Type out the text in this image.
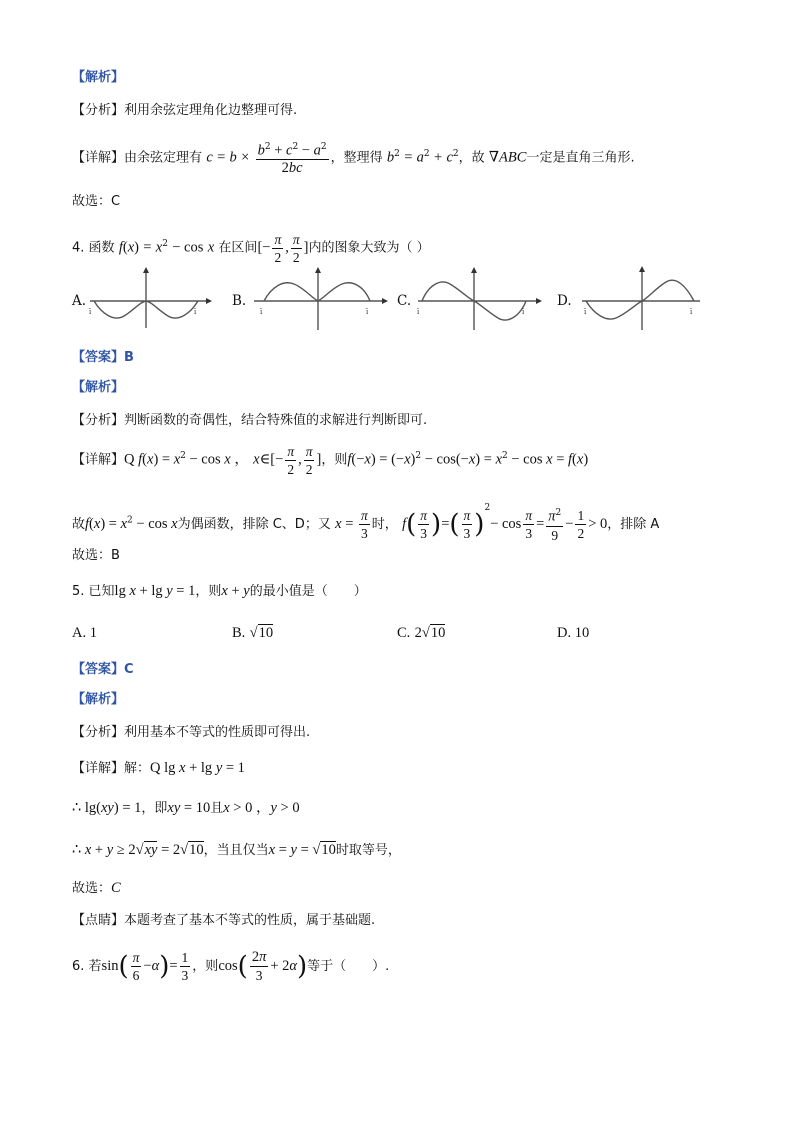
【解析】
【分析】利用余弦定理角化边整理可得.
【详解】由余弦定理有 $c = b \times \frac{b^2 + c^2 - a^2}{2bc}$ ，整理得 $b^2 = a^2 + c^2$，故 ∇ABC一定是直角三角形.
故选：C
4. 函数 $f(x) = x^2 - \cos x$ 在区间[− $\frac{\pi}{2}$ , $\frac{\pi}{2}$ ]内的图象大致为（ ）
A.	B.	C.	D.
ī	ī	ī	ī	ī	ī	ī	ī
【答案】B
【解析】
【分析】判断函数的奇偶性，结合特殊值的求解进行判断即可.
【详解】Q $f(x) = x^2 - \cos x$ ， x∈[− $\frac{\pi}{2}$ , $\frac{\pi}{2}$ ]，则$f(-x) = (-x)^2 - \cos(-x) = x^2 - \cos x = f(x)$
故$f(x) = x^2 - \cos x$为偶函数，排除 C、D；又 $x = \frac{\pi}{3}$ 时， $f( \frac{\pi}{3}$ )=( $\frac{\pi}{3} )^2- \cos \frac{\pi}{3} = \frac{\pi^2}{9} - \frac{1}{2} > 0$，排除 A
故选：B
5. 已知lg x + lg y = 1，则x + y的最小值是（　　）
A. 1	B. √10	C. 2√10	D. 10
【答案】C
【解析】
【分析】利用基本不等式的性质即可得出.
【详解】解：Q lg x + lg y = 1
∴ lg(xy) = 1，即xy = 10且x > 0 ，y > 0
∴ x + y ≥ 2√xy = 2√10，当且仅当x = y = √10时取等号，
故选：C
【点睛】本题考查了基本不等式的性质，属于基础题.
6. 若$\sin( \frac{\pi}{6} -\alpha)= \frac{1}{3}$ ，则$\cos( \frac{2\pi}{3} + 2\alpha)$等于（　　）.
